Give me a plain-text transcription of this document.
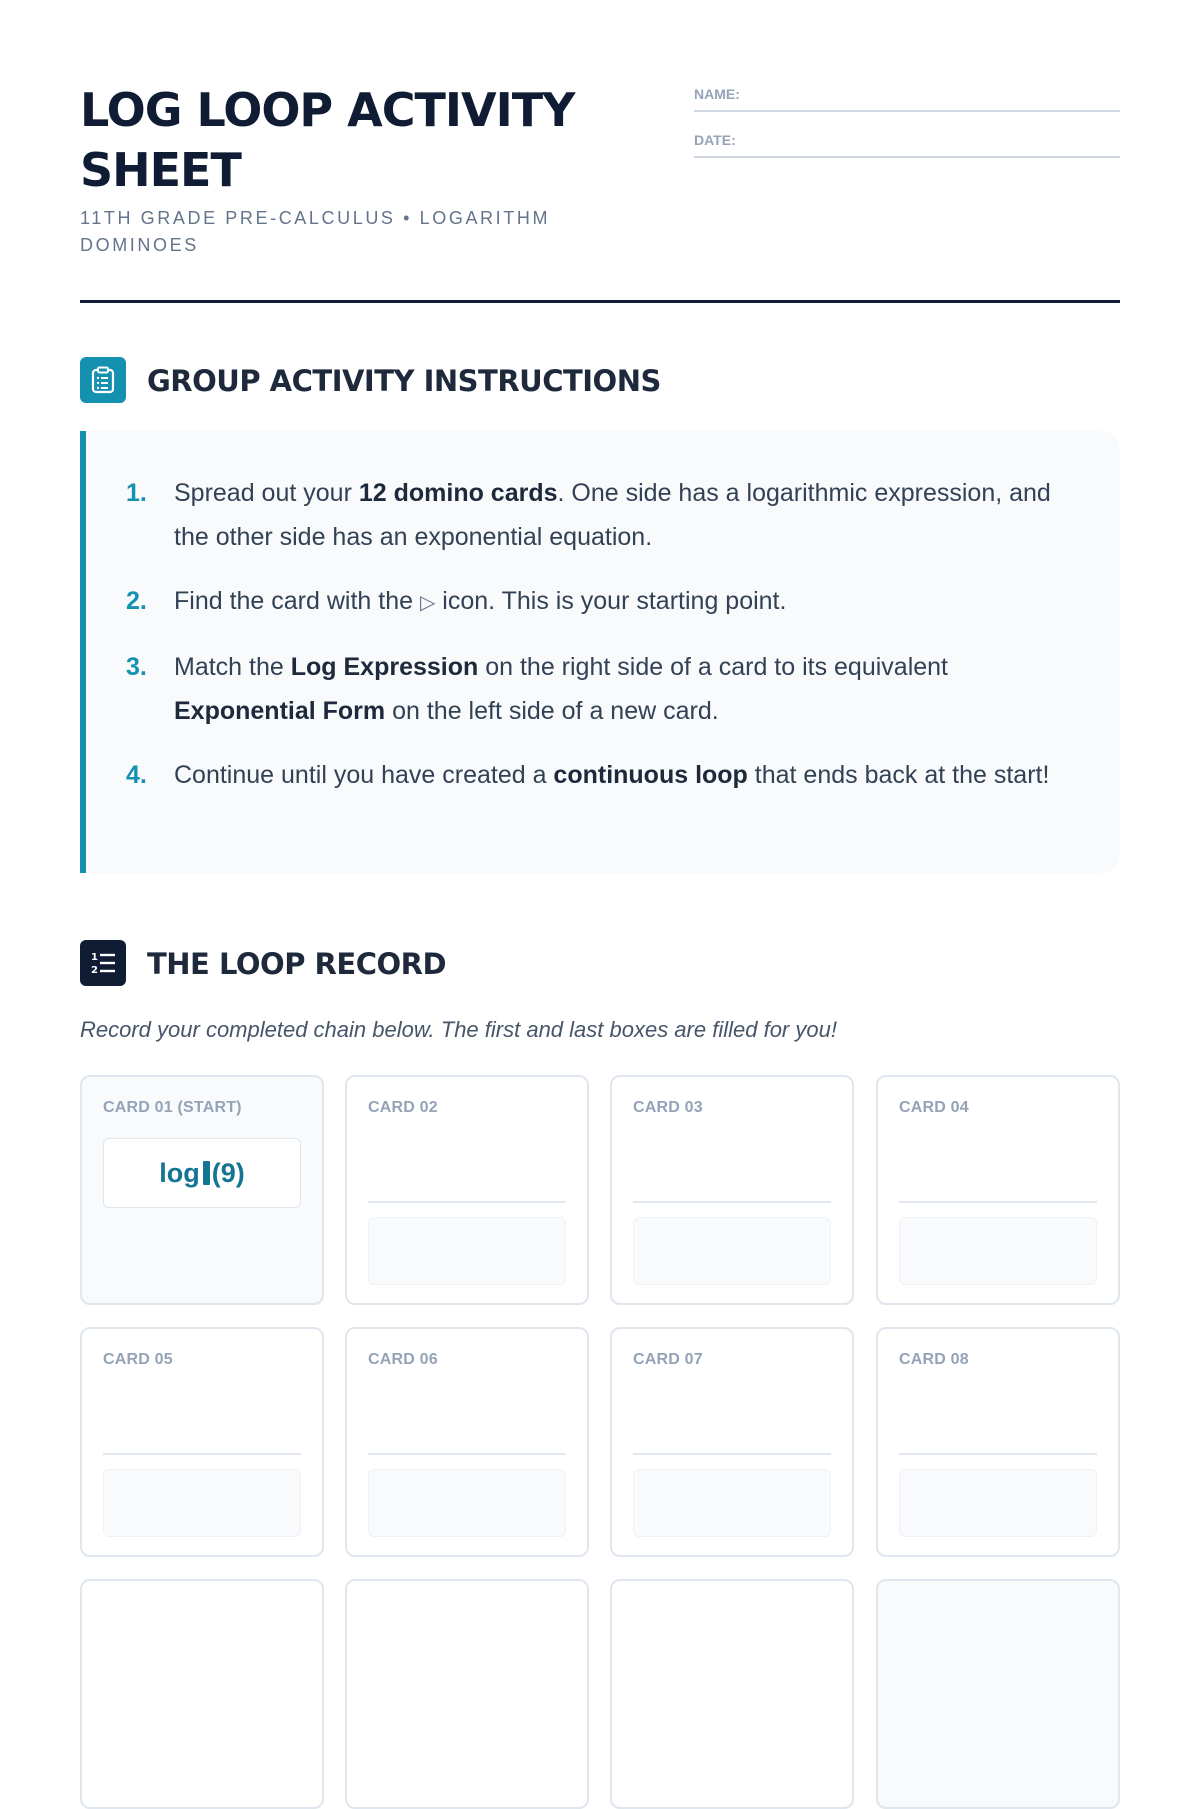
LOG LOOP ACTIVITY SHEET
11TH GRADE PRE-CALCULUS • LOGARITHM DOMINOES
NAME:
DATE:
GROUP ACTIVITY INSTRUCTIONS
1.	Spread out your 12 domino cards. One side has a logarithmic expression, and the other side has an exponential equation.
2.	Find the card with the ▷ icon. This is your starting point.
3.	Match the Log Expression on the right side of a card to its equivalent Exponential Form on the left side of a new card.
4.	Continue until you have created a continuous loop that ends back at the start!
1
2 THE LOOP RECORD
Record your completed chain below. The first and last boxes are filled for you!
CARD 01 (START)
log (9)
CARD 02	CARD 03	CARD 04
CARD 05	CARD 06	CARD 07	CARD 08
